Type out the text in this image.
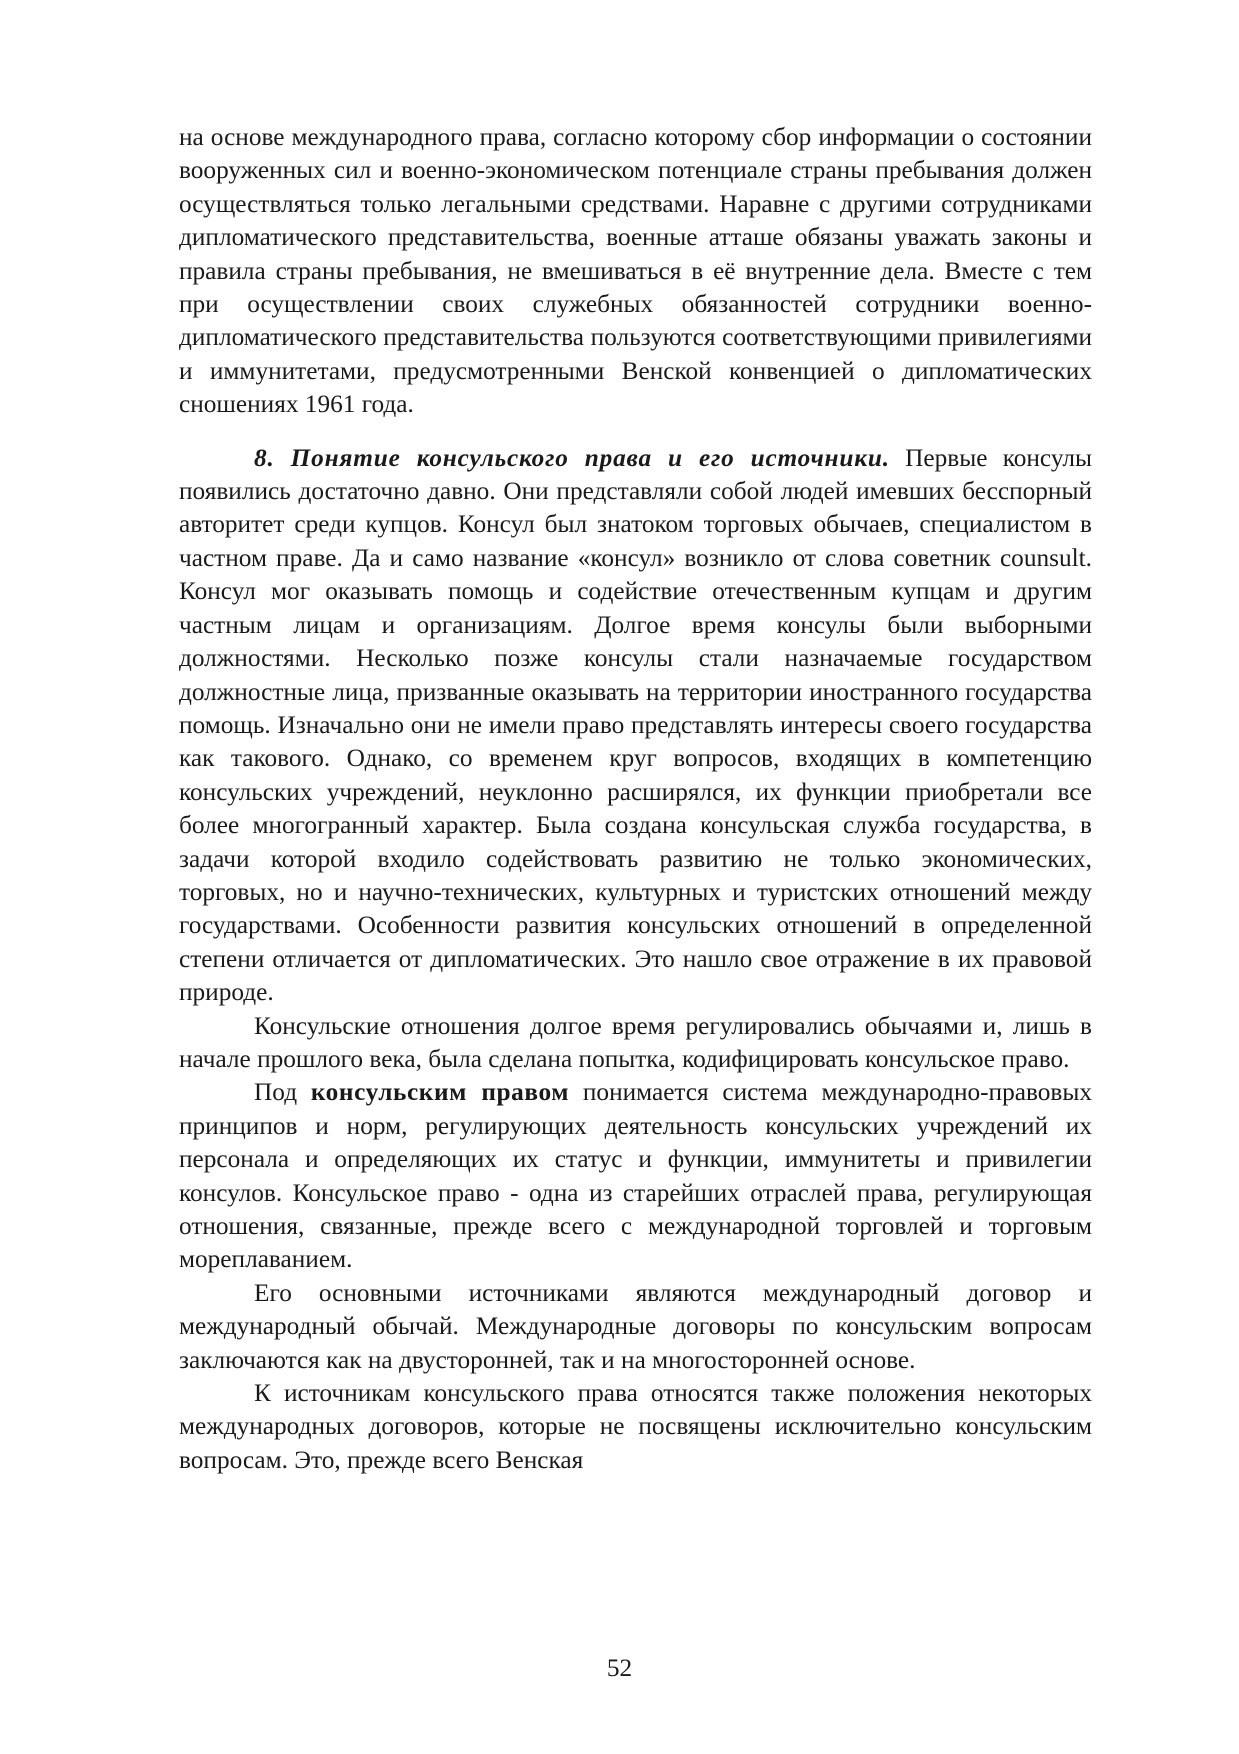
на основе международного права, согласно которому сбор информации о состоянии вооруженных сил и военно-экономическом потенциале страны пребывания должен осуществляться только легальными средствами. Наравне с другими сотрудниками дипломатического представительства, военные атташе обязаны уважать законы и правила страны пребывания, не вмешиваться в её внутренние дела. Вместе с тем при осуществлении своих служебных обязанностей сотрудники военно-дипломатического представительства пользуются соответствующими привилегиями и иммунитетами, предусмотренными Венской конвенцией о дипломатических сношениях 1961 года.

8. Понятие консульского права и его источники. Первые консулы появились достаточно давно. Они представляли собой людей имевших бесспорный авторитет среди купцов. Консул был знатоком торговых обычаев, специалистом в частном праве. Да и само название «консул» возникло от слова советник counsult. Консул мог оказывать помощь и содействие отечественным купцам и другим частным лицам и организациям. Долгое время консулы были выборными должностями. Несколько позже консулы стали назначаемые государством должностные лица, призванные оказывать на территории иностранного государства помощь. Изначально они не имели право представлять интересы своего государства как такового. Однако, со временем круг вопросов, входящих в компетенцию консульских учреждений, неуклонно расширялся, их функции приобретали все более многогранный характер. Была создана консульская служба государства, в задачи которой входило содействовать развитию не только экономических, торговых, но и научно-технических, культурных и туристских отношений между государствами. Особенности развития консульских отношений в определенной степени отличается от дипломатических. Это нашло свое отражение в их правовой природе.

Консульские отношения долгое время регулировались обычаями и, лишь в начале прошлого века, была сделана попытка, кодифицировать консульское право.

Под консульским правом понимается система международно-правовых принципов и норм, регулирующих деятельность консульских учреждений их персонала и определяющих их статус и функции, иммунитеты и привилегии консулов. Консульское право - одна из старейших отраслей права, регулирующая отношения, связанные, прежде всего с международной торговлей и торговым мореплаванием.

Его основными источниками являются международный договор и международный обычай. Международные договоры по консульским вопросам заключаются как на двусторонней, так и на многосторонней основе.

К источникам консульского права относятся также положения некоторых международных договоров, которые не посвящены исключительно консульским вопросам. Это, прежде всего Венская

52
